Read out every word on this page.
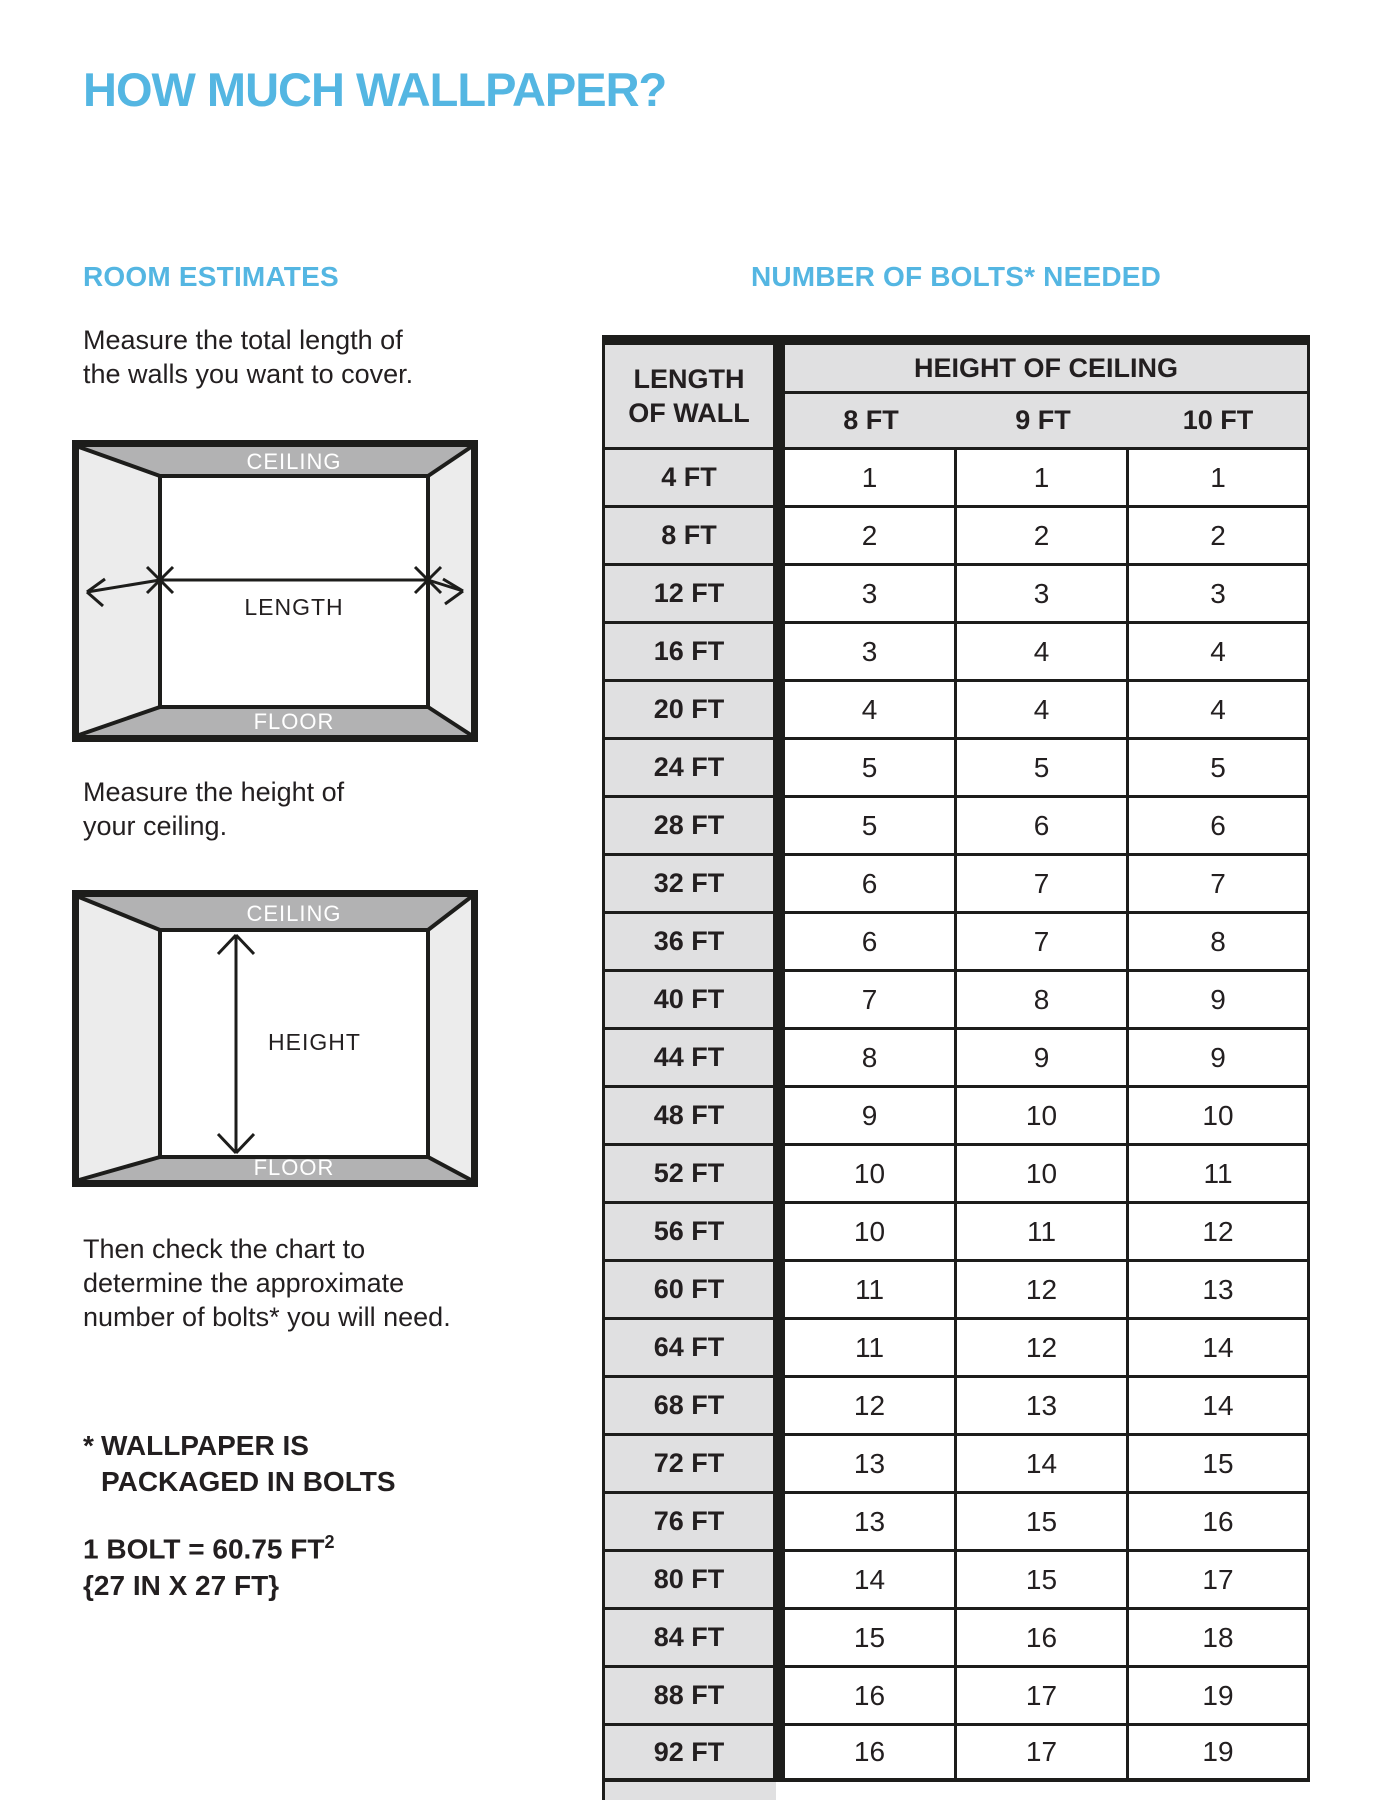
HOW MUCH WALLPAPER?
ROOM ESTIMATES
Measure the total length of
the walls you want to cover.
CEILING
FLOOR
LENGTH
Measure the height of
your ceiling.
CEILING
FLOOR
HEIGHT
Then check the chart to
determine the approximate
number of bolts* you will need.
* WALLPAPER IS
PACKAGED IN BOLTS
1 BOLT = 60.75 $FT^2$
{27 IN X 27 FT}
NUMBER OF BOLTS* NEEDED
LENGTH
OF WALL
HEIGHT OF CEILING
8 FT	9 FT	10 FT
4 FT	1	1	1
8 FT	2	2	2
12 FT	3	3	3
16 FT	3	4	4
20 FT	4	4	4
24 FT	5	5	5
28 FT	5	6	6
32 FT	6	7	7
36 FT	6	7	8
40 FT	7	8	9
44 FT	8	9	9
48 FT	9	10	10
52 FT	10	10	11
56 FT	10	11	12
60 FT	11	12	13
64 FT	11	12	14
68 FT	12	13	14
72 FT	13	14	15
76 FT	13	15	16
80 FT	14	15	17
84 FT	15	16	18
88 FT	16	17	19
92 FT	16	17	19
